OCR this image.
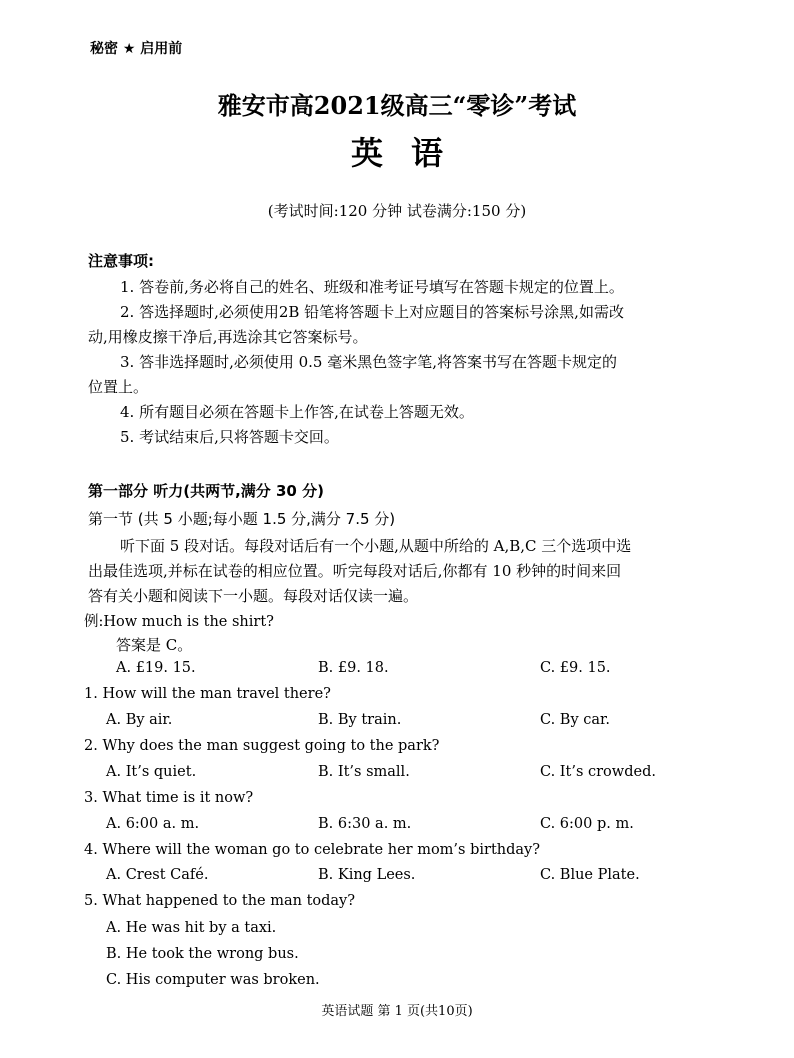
秘密 ★ 启用前
雅安市高2021级高三“零诊”考试
英语
(考试时间:120 分钟 试卷满分:150 分)
注意事项:
1. 答卷前,务必将自己的姓名、班级和准考证号填写在答题卡规定的位置上。
2. 答选择题时,必须使用2B 铅笔将答题卡上对应题目的答案标号涂黑,如需改
动,用橡皮擦干净后,再选涂其它答案标号。
3. 答非选择题时,必须使用 0.5 毫米黑色签字笔,将答案书写在答题卡规定的
位置上。
4. 所有题目必须在答题卡上作答,在试卷上答题无效。
5. 考试结束后,只将答题卡交回。
第一部分 听力(共两节,满分 30 分)
第一节 (共 5 小题;每小题 1.5 分,满分 7.5 分)
听下面 5 段对话。每段对话后有一个小题,从题中所给的 A,B,C 三个选项中选
出最佳选项,并标在试卷的相应位置。听完每段对话后,你都有 10 秒钟的时间来回
答有关小题和阅读下一小题。每段对话仅读一遍。
例:How much is the shirt?
答案是 C。
A. £19. 15.	B. £9. 18.	C. £9. 15.
1. How will the man travel there?
A. By air.	B. By train.	C. By car.
2. Why does the man suggest going to the park?
A. It’s quiet.	B. It’s small.	C. It’s crowded.
3. What time is it now?
A. 6:00 a. m.	B. 6:30 a. m.	C. 6:00 p. m.
4. Where will the woman go to celebrate her mom’s birthday?
A. Crest Café.	B. King Lees.	C. Blue Plate.
5. What happened to the man today?
A. He was hit by a taxi.
B. He took the wrong bus.
C. His computer was broken.
英语试题 第 1 页(共10页)
